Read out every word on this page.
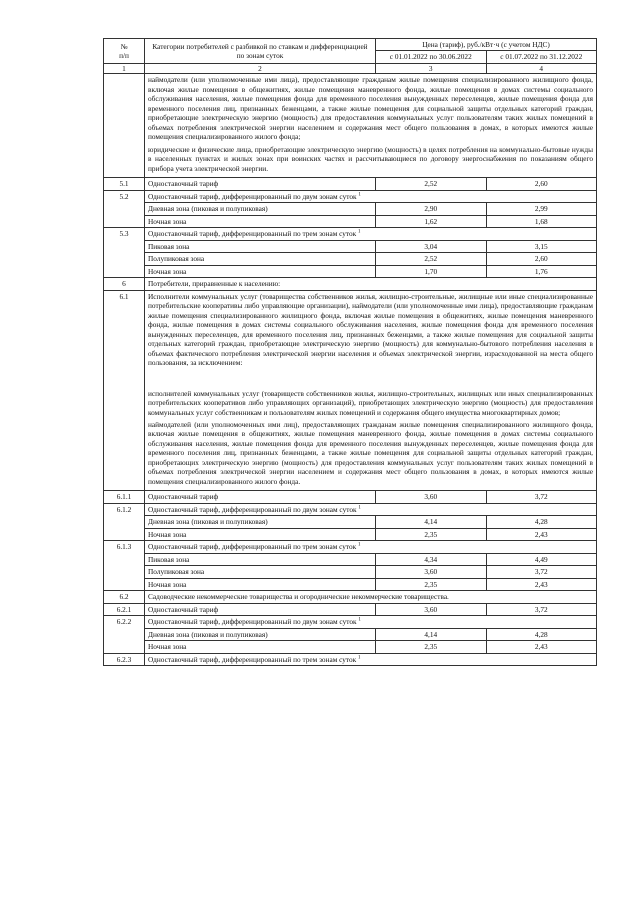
№
п/п	Категории потребителей с разбивкой по ставкам и дифференциацией по зонам суток	Цена (тариф), руб./кВт·ч (с учетом НДС)	
		с 01.01.2022 по 30.06.2022	с 01.07.2022 по 31.12.2022
1	2	3	4

	наймодатели (или уполномоченные ими лица), предоставляющие гражданам жилые помещения специализированного жилищного фонда, включая жилые помещения в общежитиях, жилые помещения маневренного фонда, жилые помещения в домах системы социального обслуживания населения, жилые помещения фонда для временного поселения вынужденных переселенцев, жилые помещения фонда для временного поселения лиц, признанных беженцами, а также жилые помещения для социальной защиты отдельных категорий граждан, приобретающие электрическую энергию (мощность) для предоставления коммунальных услуг пользователям таких жилых помещений в объемах потребления электрической энергии населением и содержания мест общего пользования в домах, в которых имеются жилые помещения специализированного жилого фонда;

юридические и физические лица, приобретающие электрическую энергию (мощность) в целях потребления на коммунально-бытовые нужды в населенных пунктах и жилых зонах при воинских частях и рассчитывающиеся по договору энергоснабжения по показаниям общего прибора учета электрической энергии.		

5.1	Одноставочный тариф	2,52	2,60
5.2	Одноставочный тариф, дифференцированный по двум зонам суток $^1$
	Дневная зона (пиковая и полупиковая)	2,90	2,99
	Ночная зона	1,62	1,68
5.3	Одноставочный тариф, дифференцированный по трем зонам суток $^1$
	Пиковая зона	3,04	3,15
	Полупиковая зона	2,52	2,60
	Ночная зона	1,70	1,76
6	Потребители, приравненные к населению:		
6.1	Исполнители коммунальных услуг (товарищества собственников жилья, жилищно-строительные, жилищные или иные специализированные потребительские кооперативы либо управляющие организации), наймодатели (или уполномоченные ими лица), предоставляющие гражданам жилые помещения специализированного жилищного фонда, включая жилые помещения в общежитиях, жилые помещения маневренного фонда, жилые помещения в домах системы социального обслуживания населения, жилые помещения фонда для временного поселения вынужденных переселенцев, для временного поселения лиц, признанных беженцами, а также жилые помещения для социальной защиты отдельных категорий граждан, приобретающие электрическую энергию (мощность) для коммунально-бытового потребления населения в объемах фактического потребления электрической энергии населения и объемах электрической энергии, израсходованной на места общего пользования, за исключением:

исполнителей коммунальных услуг (товариществ собственников жилья, жилищно-строительных, жилищных или иных специализированных потребительских кооперативов либо управляющих организаций), приобретающих электрическую энергию (мощность) для предоставления коммунальных услуг собственникам и пользователям жилых помещений и содержания общего имущества многоквартирных домов;

наймодателей (или уполномоченных ими лиц), предоставляющих гражданам жилые помещения специализированного жилищного фонда, включая жилые помещения в общежитиях, жилые помещения маневренного фонда, жилые помещения в домах системы социального обслуживания населения, жилые помещения фонда для временного поселения вынужденных переселенцев, жилые помещения фонда для временного поселения лиц, признанных беженцами, а также жилые помещения для социальной защиты отдельных категорий граждан, приобретающих электрическую энергию (мощность) для предоставления коммунальных услуг пользователям таких жилых помещений в объемах потребления электрической энергии населением и содержания мест общего пользования в домах, в которых имеются жилые помещения специализированного жилого фонда.		

6.1.1	Одноставочный тариф	3,60	3,72
6.1.2	Одноставочный тариф, дифференцированный по двум зонам суток $^1$
	Дневная зона (пиковая и полупиковая)	4,14	4,28
	Ночная зона	2,35	2,43
6.1.3	Одноставочный тариф, дифференцированный по трем зонам суток $^1$
	Пиковая зона	4,34	4,49
	Полупиковая зона	3,60	3,72
	Ночная зона	2,35	2,43
6.2	Садоводческие некоммерческие товарищества и огороднические некоммерческие товарищества.		
6.2.1	Одноставочный тариф	3,60	3,72
6.2.2	Одноставочный тариф, дифференцированный по двум зонам суток $^1$
	Дневная зона (пиковая и полупиковая)	4,14	4,28
	Ночная зона	2,35	2,43
6.2.3	Одноставочный тариф, дифференцированный по трем зонам суток $^1$
